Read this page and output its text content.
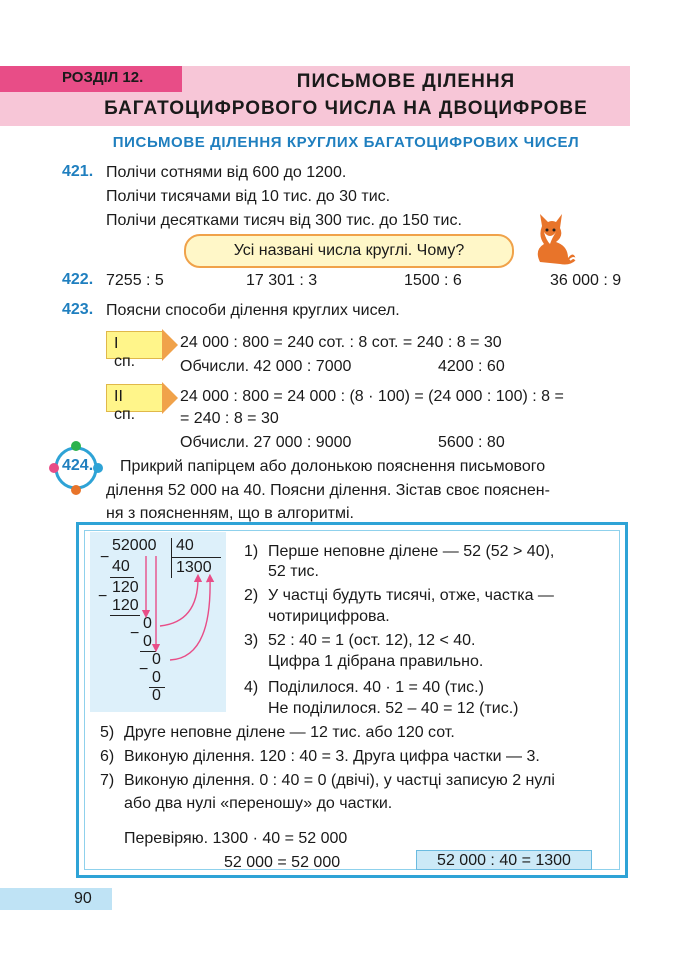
РОЗДІЛ 12.	ПИСЬМОВЕ ДІЛЕННЯ
БАГАТОЦИФРОВОГО ЧИСЛА НА ДВОЦИФРОВЕ
ПИСЬМОВЕ ДІЛЕННЯ КРУГЛИХ БАГАТОЦИФРОВИХ ЧИСЕЛ
421. Полічи сотнями від 600 до 1200.
Полічи тисячами від 10 тис. до 30 тис.
Полічи десятками тисяч від 300 тис. до 150 тис.
Усі названі числа круглі. Чому?
422. 7255 : 5	17 301 : 3	1500 : 6	36 000 : 9
423. Поясни способи ділення круглих чисел.
I сп.
24 000 : 800 = 240 сот. : 8 сот. = 240 : 8 = 30
Обчисли. 42 000 : 7000	4200 : 60
II сп.
24 000 : 800 = 24 000 : (8 · 100) = (24 000 : 100) : 8 =
= 240 : 8 = 30
Обчисли. 27 000 : 9000	5600 : 80
424. Прикрий папірцем або долонькою пояснення письмового
ділення 52 000 на 40. Поясни ділення. Зістав своє пояснен-
ня з поясненням, що в алгоритмі.
52000 40
1300
−
40
120
−
120
0
− 0
0
− 0
0
1) Перше неповне ділене — 52 (52 > 40),
52 тис.
2) У частці будуть тисячі, отже, частка —
чотирицифрова.
3) 52 : 40 = 1 (ост. 12), 12 < 40.
Цифра 1 дібрана правильно.
4) Поділилося. 40 · 1 = 40 (тис.)
Не поділилося. 52 – 40 = 12 (тис.)
5) Друге неповне ділене — 12 тис. або 120 сот.
6) Виконую ділення. 120 : 40 = 3. Друга цифра частки — 3.
7) Виконую ділення. 0 : 40 = 0 (двічі), у частці записую 2 нулі
або два нулі «переношу» до частки.
Перевіряю. 1300 · 40 = 52 000
52 000 = 52 000	52 000 : 40 = 1300
90
